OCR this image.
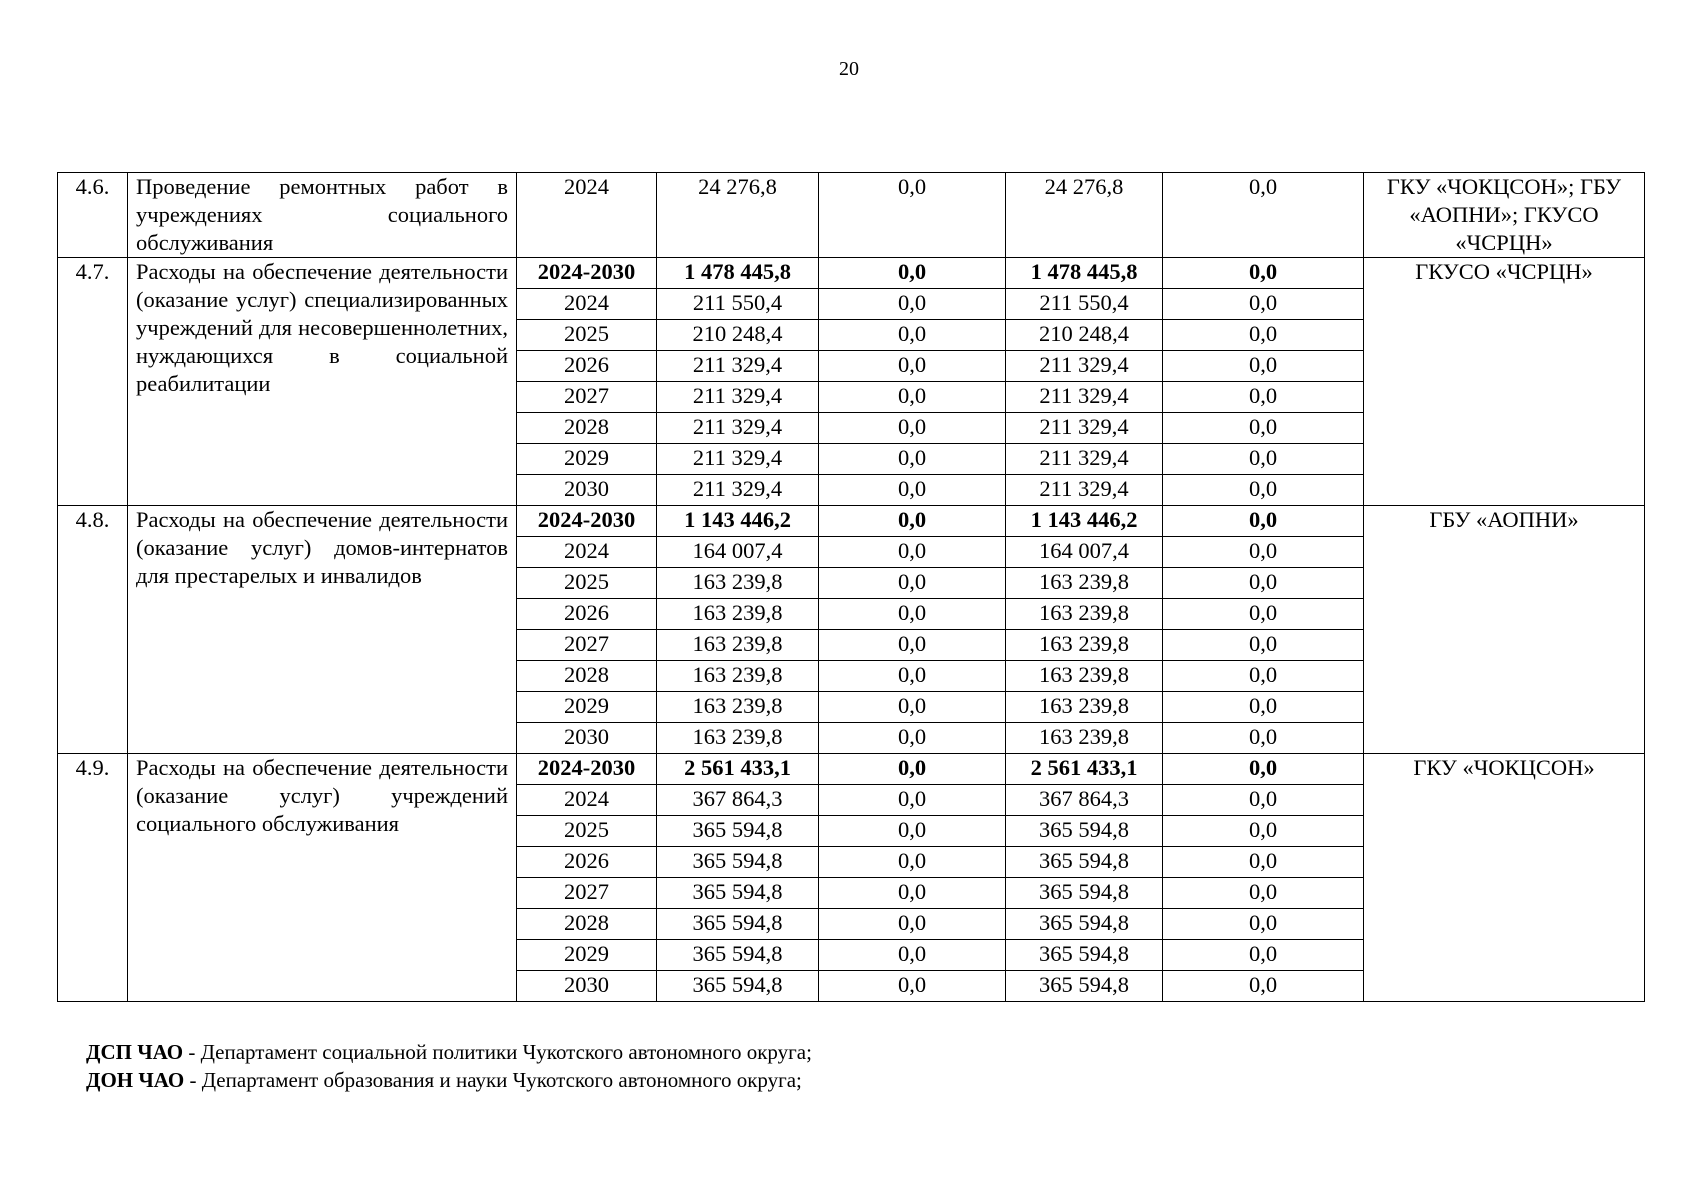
20
4.6.	Проведение ремонтных работ в учреждениях социального обслуживания	2024	24 276,8	0,0	24 276,8	0,0	ГКУ «ЧОКЦСОН»; ГБУ «АОПНИ»; ГКУСО «ЧСРЦН»
4.7.	Расходы на обеспечение деятельности (оказание услуг) специализированных учреждений для несовершеннолетних, нуждающихся в социальной реабилитации	2024-2030	1 478 445,8	0,0	1 478 445,8	0,0	ГКУСО «ЧСРЦН»
		2024	211 550,4	0,0	211 550,4	0,0	
		2025	210 248,4	0,0	210 248,4	0,0	
		2026	211 329,4	0,0	211 329,4	0,0	
		2027	211 329,4	0,0	211 329,4	0,0	
		2028	211 329,4	0,0	211 329,4	0,0	
		2029	211 329,4	0,0	211 329,4	0,0	
		2030	211 329,4	0,0	211 329,4	0,0	
4.8.	Расходы на обеспечение деятельности (оказание услуг) домов-интернатов для престарелых и инвалидов	2024-2030	1 143 446,2	0,0	1 143 446,2	0,0	ГБУ «АОПНИ»
		2024	164 007,4	0,0	164 007,4	0,0	
		2025	163 239,8	0,0	163 239,8	0,0	
		2026	163 239,8	0,0	163 239,8	0,0	
		2027	163 239,8	0,0	163 239,8	0,0	
		2028	163 239,8	0,0	163 239,8	0,0	
		2029	163 239,8	0,0	163 239,8	0,0	
		2030	163 239,8	0,0	163 239,8	0,0	
4.9.	Расходы на обеспечение деятельности (оказание услуг) учреждений социального обслуживания	2024-2030	2 561 433,1	0,0	2 561 433,1	0,0	ГКУ «ЧОКЦСОН»
		2024	367 864,3	0,0	367 864,3	0,0	
		2025	365 594,8	0,0	365 594,8	0,0	
		2026	365 594,8	0,0	365 594,8	0,0	
		2027	365 594,8	0,0	365 594,8	0,0	
		2028	365 594,8	0,0	365 594,8	0,0	
		2029	365 594,8	0,0	365 594,8	0,0	
		2030	365 594,8	0,0	365 594,8	0,0	
ДСП ЧАО - Департамент социальной политики Чукотского автономного округа;
ДОН ЧАО - Департамент образования и науки Чукотского автономного округа;
